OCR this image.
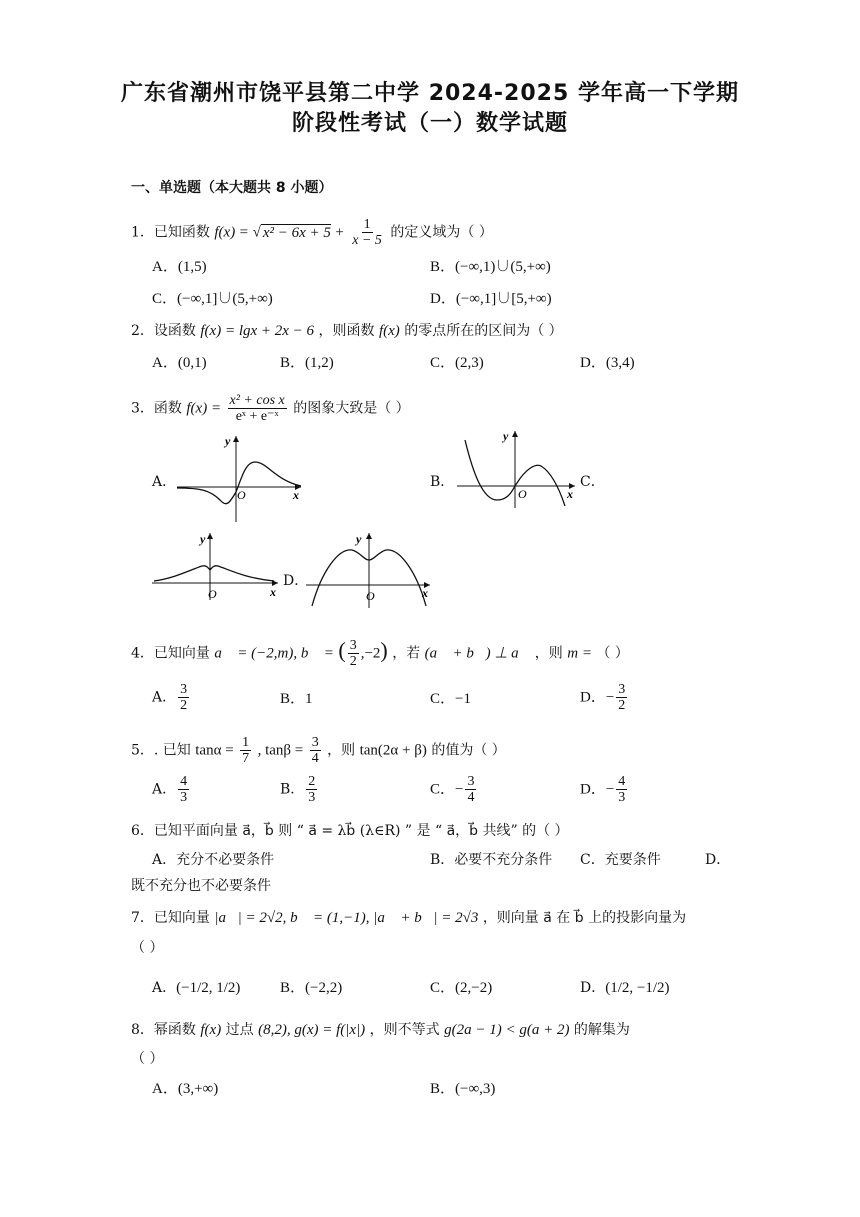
广东省潮州市饶平县第二中学 2024-2025 学年高一下学期
阶段性考试（一）数学试题
一、单选题（本大题共 8 小题）
1．已知函数 f(x) = √ $x^2 - 6x + 5 + \frac{1}{x - 5}$ 的定义域为（ ）
A．(1,5)	B．(−∞,1)∪(5,+∞)
C．(−∞,1]∪(5,+∞)	D．(−∞,1]∪[5,+∞)
2．设函数 f(x) = lgx + 2x − 6 ，则函数 f(x) 的零点所在的区间为（ ）
A．(0,1)	B．(1,2)	C．(2,3)	D．(3,4)
3．函数 $f(x) = \frac{\text{x² + cos x}}{\text{eˣ + e⁻ˣ}}$ 的图象大致是（ ）
A．
y
O	x
B．
y
O	x
C．
y
O	x
D．
y
O	x
4．已知向量 a⃗ = (−2,m), b⃗ = ( $\frac{3}{2} ,-2$) ，若 (a⃗ + b⃗) ⊥ a⃗ ，则 m = （ ）
A． $\frac{3}{2}$	B．1	C．−1	D．− $\frac{3}{2}$
5．. 已知 $\tan\alpha = \frac{1}{7}$ , $\tan\beta = \frac{3}{4}$ ，则 tan(2α + β) 的值为（ ）
A． $\frac{4}{3}$	B． $\frac{2}{3}$	C．− $\frac{3}{4}$	D．− $\frac{4}{3}$
6．已知平面向量 a⃗，b⃗ 则 “ a⃗ = λb⃗ (λ∈R) ” 是 “ a⃗，b⃗ 共线” 的（ ）
A．充分不必要条件	B．必要不充分条件 C．充要条件	D．
既不充分也不必要条件
7．已知向量 |a⃗| = 2√2, b⃗ = (1,−1), |a⃗ + b⃗| = 2√3 ，则向量 a⃗ 在 b⃗ 上的投影向量为
（ ）
A．(−1/2, 1/2)	B．(−2,2)	C．(2,−2)	D．(1/2, −1/2)
8．幂函数 f(x) 过点 (8,2), g(x) = f(|x|) ，则不等式 g(2a − 1) < g(a + 2) 的解集为
（ ）
A．(3,+∞)	B．(−∞,3)
